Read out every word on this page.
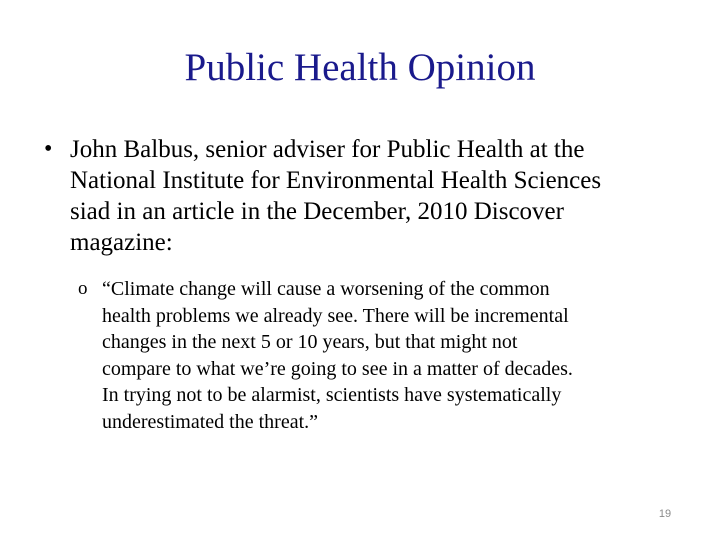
Public Health Opinion
• John Balbus, senior adviser for Public Health at the
National Institute for Environmental Health Sciences
siad in an article in the December, 2010 Discover
magazine:
o “Climate change will cause a worsening of the common
health problems we already see. There will be incremental
changes in the next 5 or 10 years, but that might not
compare to what we’re going to see in a matter of decades.
In trying not to be alarmist, scientists have systematically
underestimated the threat.”
19
